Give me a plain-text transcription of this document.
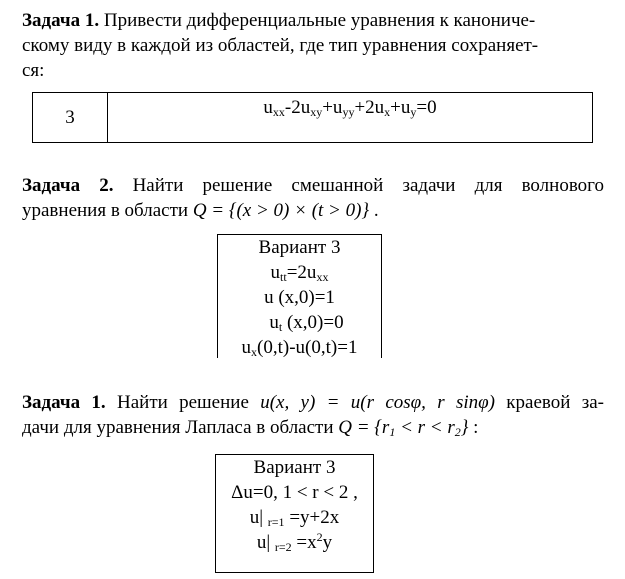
Задача 1. Привести дифференциальные уравнения к канониче-

скому виду в каждой из областей, где тип уравнения сохраняет-

ся:

3	$u_{xx}-2u_{xy}+u_{yy}+2u_x+u_y=0$

Задача 2. Найти решение смешанной задачи для волнового

уравнения в области Q = {(x > 0) × (t > 0)} .

Вариант 3
$u_{tt}=2u_{xx}$
u (x,0)=1
$u_t$ (x,0)=0
$u_x(0,t)-u(0,t)=1$

Задача 1. Найти решение u(x, y) = u(r cosφ, r sinφ) краевой за-

дачи для уравнения Лапласа в области $Q = \{r_1 < r < r_2\}$ :

Вариант 3
Δu=0, 1 < r < 2 ,
u| $_{r=1}$ =y+2x
u| $_{r=2} =x^2y$
